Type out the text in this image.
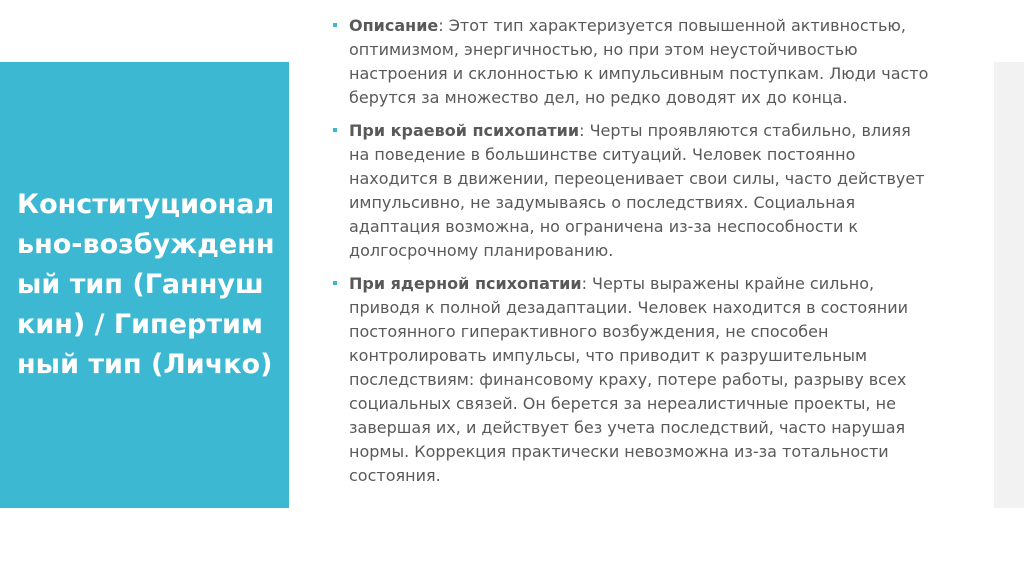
Конституционально-возбужденный тип (Ганнушкин) / Гипертимный тип (Личко)
Описание: Этот тип характеризуется повышенной активностью, оптимизмом, энергичностью, но при этом неустойчивостью настроения и склонностью к импульсивным поступкам. Люди часто берутся за множество дел, но редко доводят их до конца.
При краевой психопатии: Черты проявляются стабильно, влияя на поведение в большинстве ситуаций. Человек постоянно находится в движении, переоценивает свои силы, часто действует импульсивно, не задумываясь о последствиях. Социальная адаптация возможна, но ограничена из-за неспособности к долгосрочному планированию.
При ядерной психопатии: Черты выражены крайне сильно, приводя к полной дезадаптации. Человек находится в состоянии постоянного гиперактивного возбуждения, не способен контролировать импульсы, что приводит к разрушительным последствиям: финансовому краху, потере работы, разрыву всех социальных связей. Он берется за нереалистичные проекты, не завершая их, и действует без учета последствий, часто нарушая нормы. Коррекция практически невозможна из-за тотальности состояния.
